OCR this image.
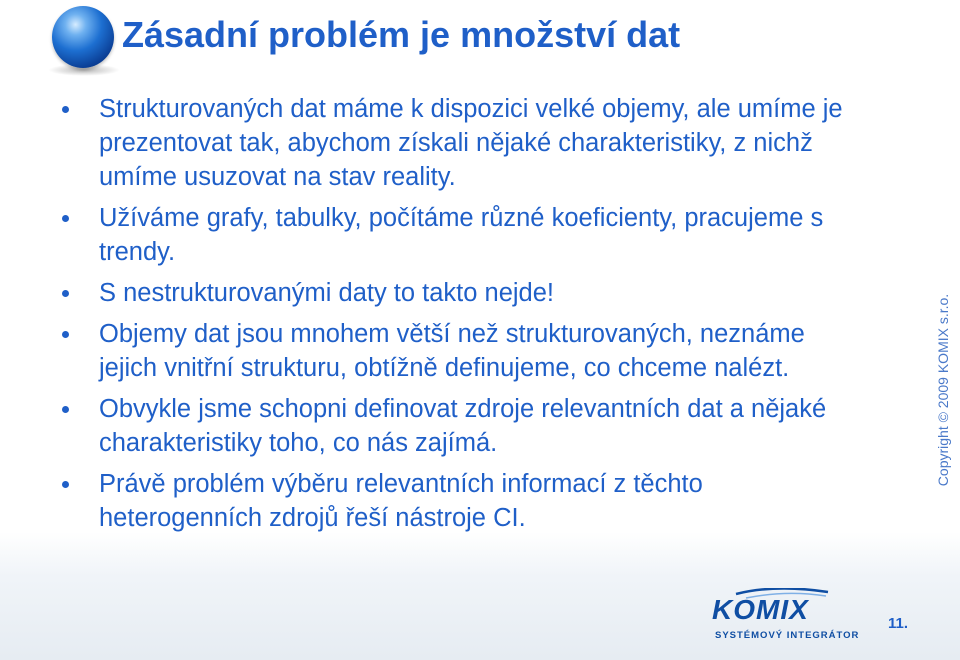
Zásadní problém je množství dat
Strukturovaných dat máme k dispozici velké objemy, ale umíme je prezentovat tak, abychom získali nějaké charakteristiky, z nichž umíme usuzovat na stav reality.
Užíváme grafy, tabulky, počítáme různé koeficienty, pracujeme s trendy.
S nestrukturovanými daty to takto nejde!
Objemy dat jsou mnohem větší než strukturovaných, neznáme jejich vnitřní strukturu, obtížně definujeme, co chceme nalézt.
Obvykle jsme schopni definovat zdroje relevantních dat a nějaké charakteristiky toho, co nás zajímá.
Právě problém výběru relevantních informací z těchto heterogenních zdrojů řeší nástroje CI.
Copyright © 2009 KOMIX s.r.o.
KOMIX
SYSTÉMOVÝ INTEGRÁTOR
11.
